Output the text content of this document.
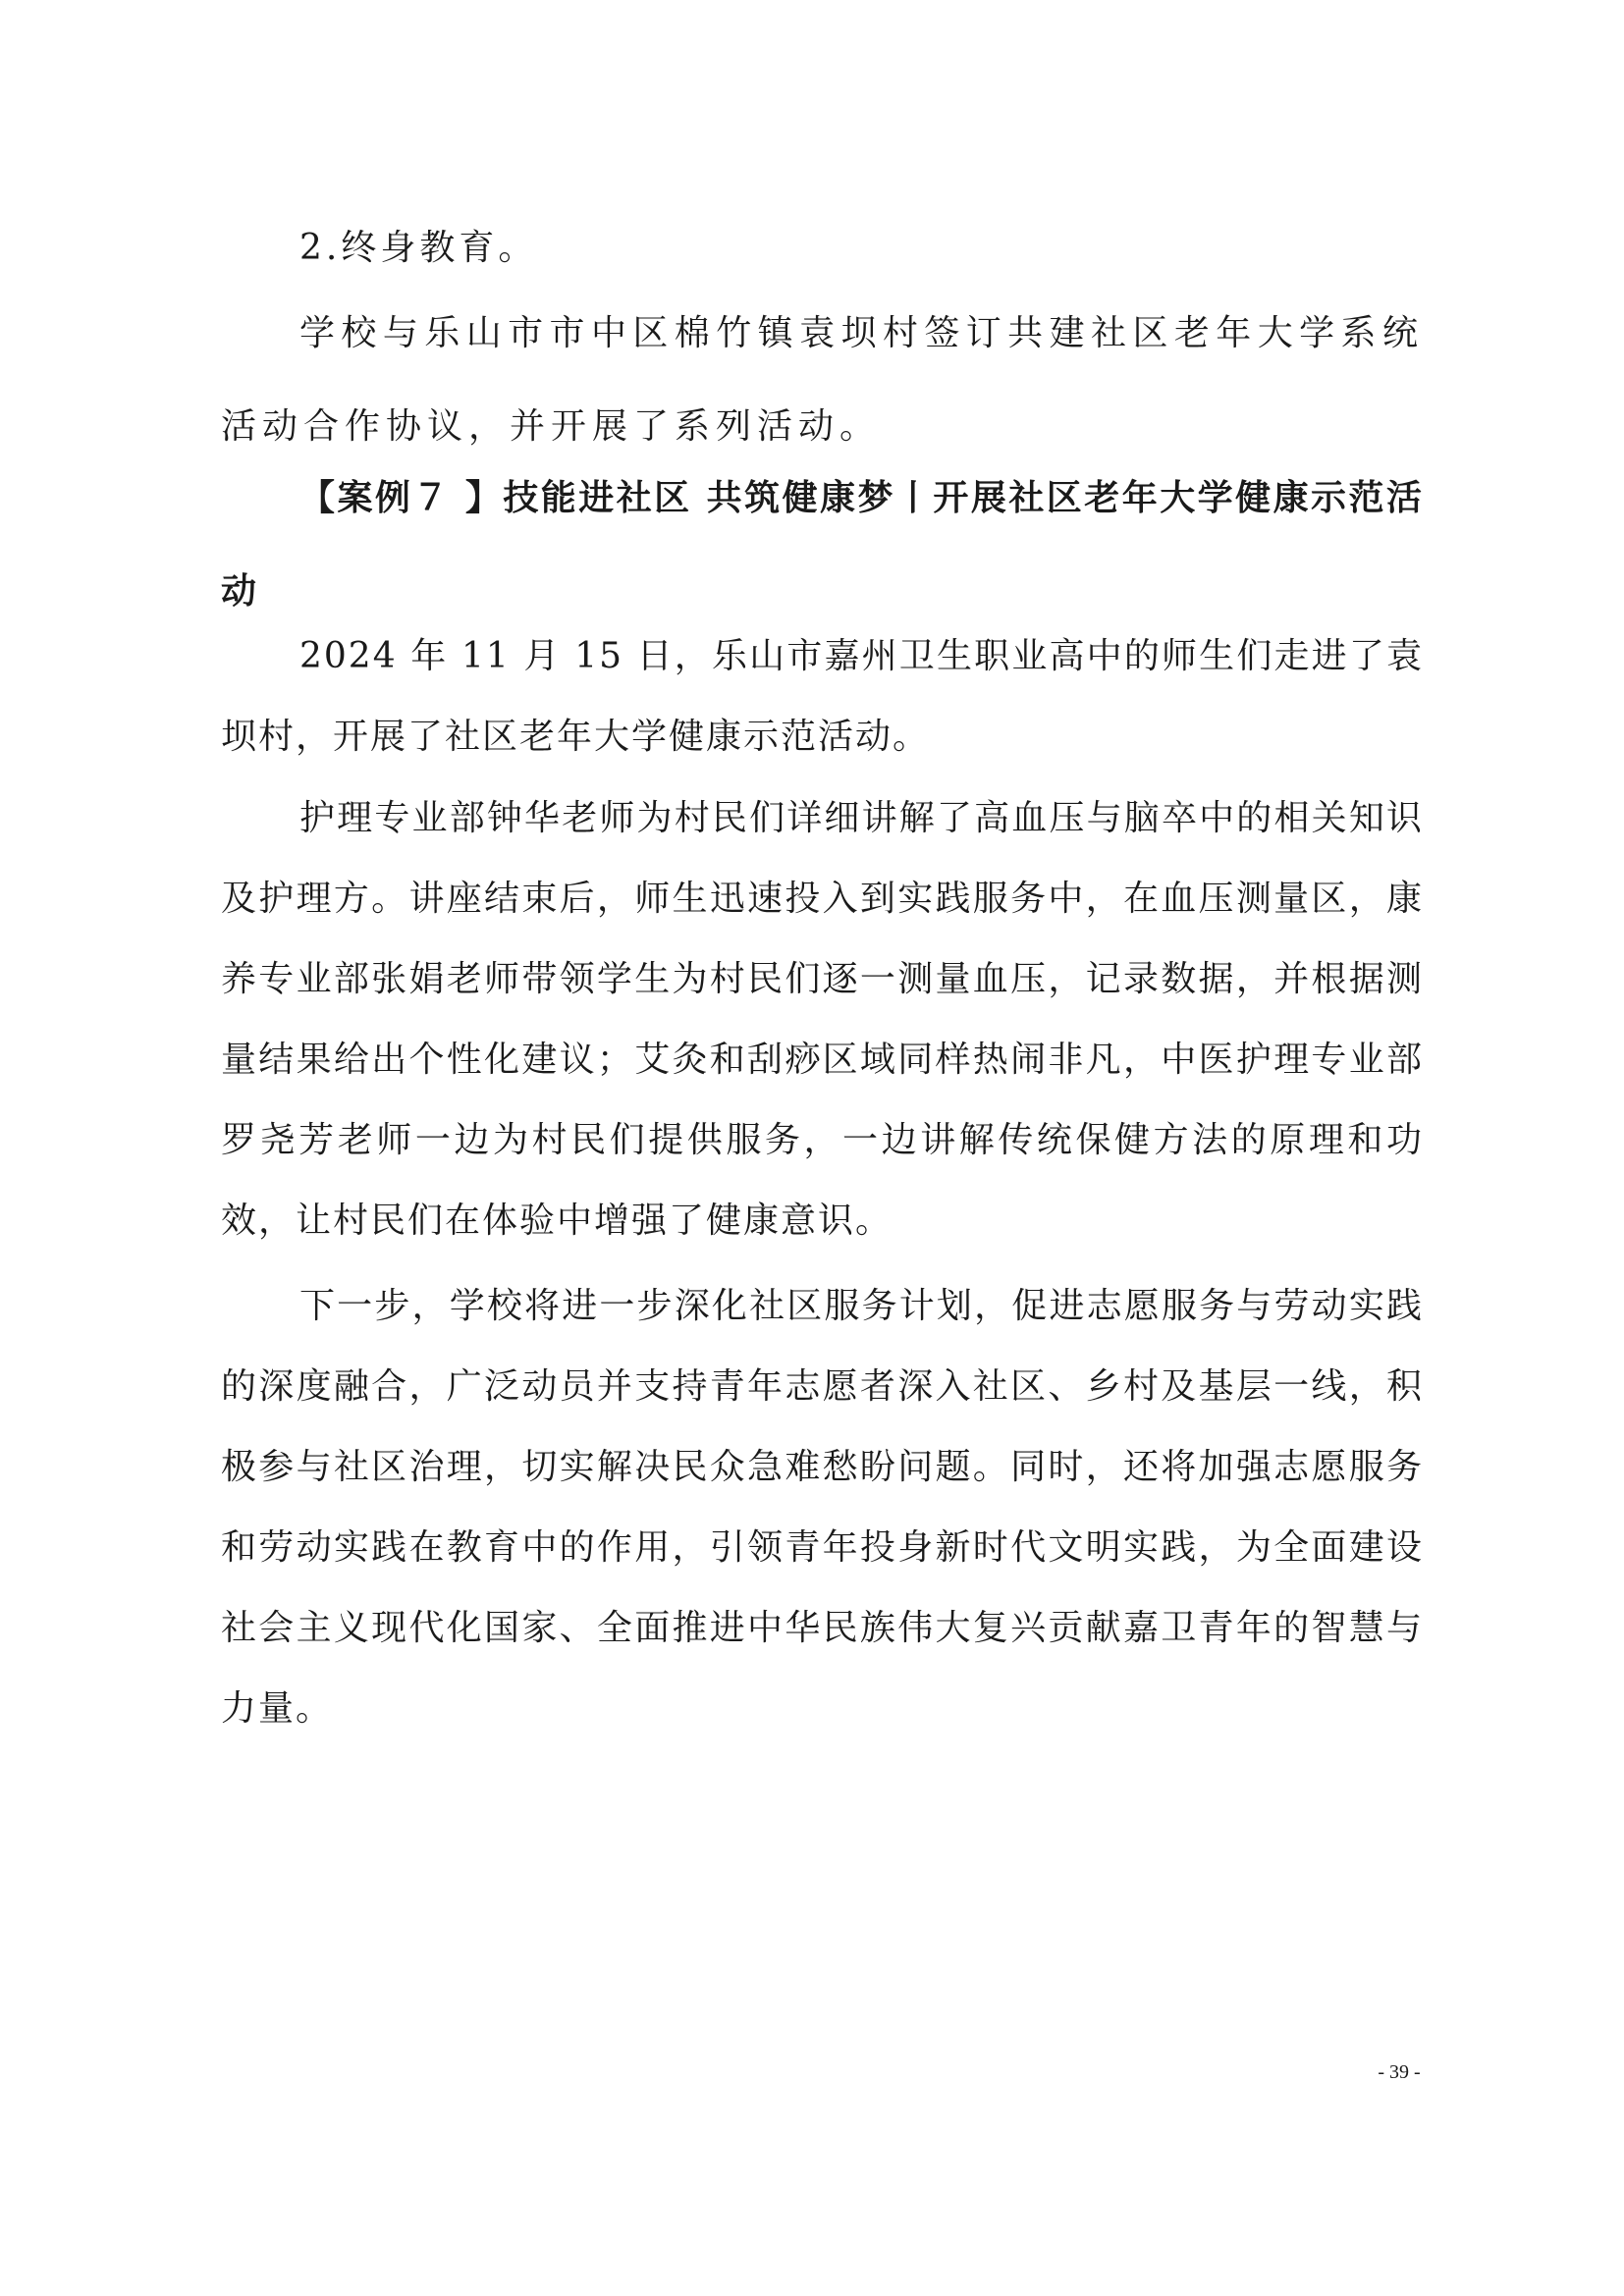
2.终身教育。

学校与乐山市市中区棉竹镇袁坝村签订共建社区老年大学系统活动合作协议，并开展了系列活动。

【案例７ 】技能进社区 共筑健康梦丨开展社区老年大学健康示范活动

2024 年 11 月 15 日，乐山市嘉州卫生职业高中的师生们走进了袁坝村，开展了社区老年大学健康示范活动。

护理专业部钟华老师为村民们详细讲解了高血压与脑卒中的相关知识及护理方。讲座结束后，师生迅速投入到实践服务中，在血压测量区，康养专业部张娟老师带领学生为村民们逐一测量血压，记录数据，并根据测量结果给出个性化建议；艾灸和刮痧区域同样热闹非凡，中医护理专业部罗尧芳老师一边为村民们提供服务，一边讲解传统保健方法的原理和功效，让村民们在体验中增强了健康意识。

下一步，学校将进一步深化社区服务计划，促进志愿服务与劳动实践的深度融合，广泛动员并支持青年志愿者深入社区、乡村及基层一线，积极参与社区治理，切实解决民众急难愁盼问题。同时，还将加强志愿服务和劳动实践在教育中的作用，引领青年投身新时代文明实践，为全面建设社会主义现代化国家、全面推进中华民族伟大复兴贡献嘉卫青年的智慧与力量。

- 39 -
